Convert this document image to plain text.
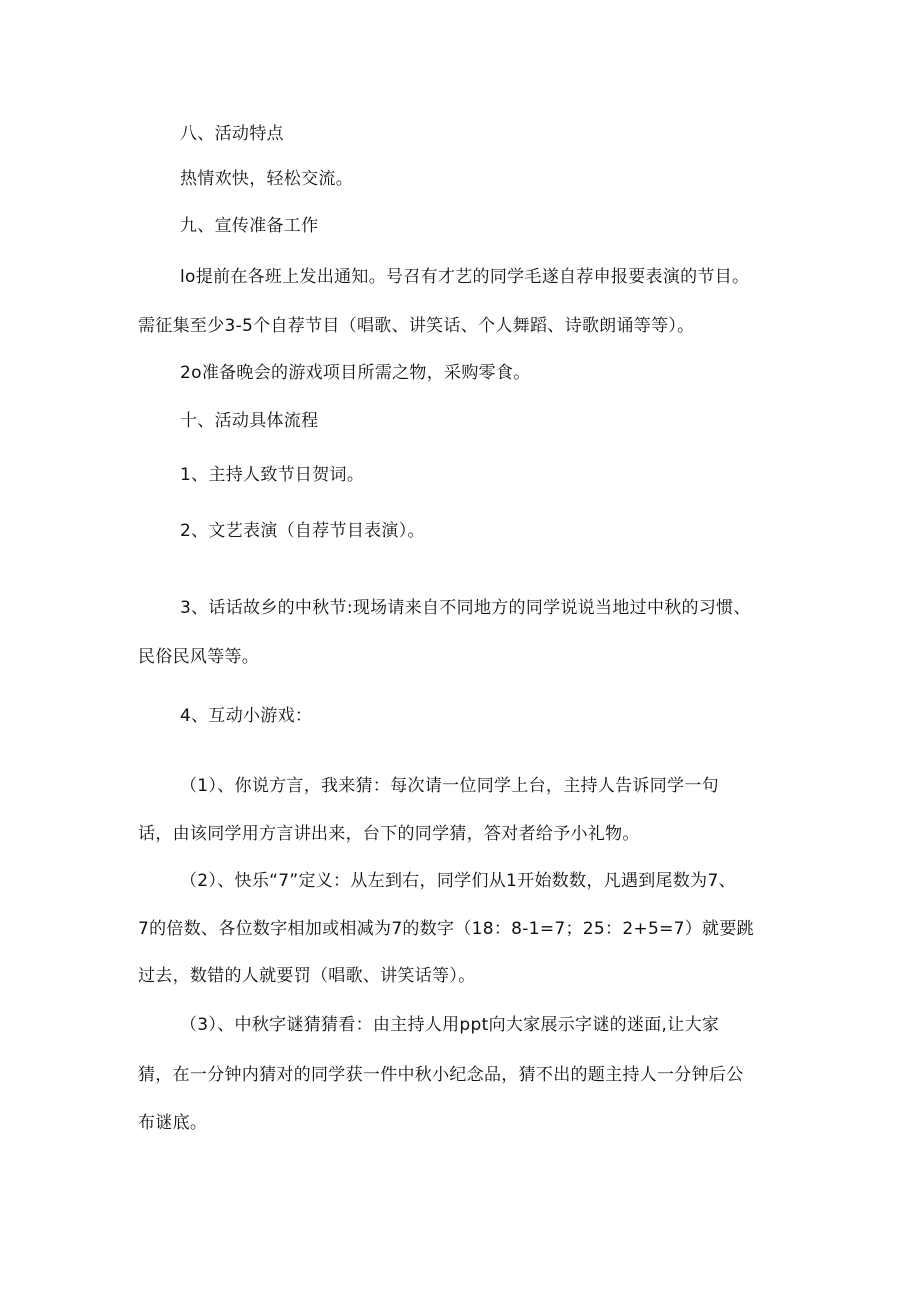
八、活动特点

热情欢快，轻松交流。

九、宣传准备工作

lo提前在各班上发出通知。号召有才艺的同学毛遂自荐申报要表演的节目。

需征集至少3-5个自荐节目（唱歌、讲笑话、个人舞蹈、诗歌朗诵等等）。

2o准备晚会的游戏项目所需之物，采购零食。

十、活动具体流程

1、主持人致节日贺词。

2、文艺表演（自荐节目表演）。

3、话话故乡的中秋节:现场请来自不同地方的同学说说当地过中秋的习惯、

民俗民风等等。

4、互动小游戏：

（1）、你说方言，我来猜：每次请一位同学上台，主持人告诉同学一句

话，由该同学用方言讲出来，台下的同学猜，答对者给予小礼物。

（2）、快乐“7”定义：从左到右，同学们从1开始数数，凡遇到尾数为7、

7的倍数、各位数字相加或相减为7的数字（18：8-1=7；25：2+5=7）就要跳

过去，数错的人就要罚（唱歌、讲笑话等）。

（3）、中秋字谜猜猜看：由主持人用ppt向大家展示字谜的迷面,让大家

猜，在一分钟内猜对的同学获一件中秋小纪念品，猜不出的题主持人一分钟后公

布谜底。
